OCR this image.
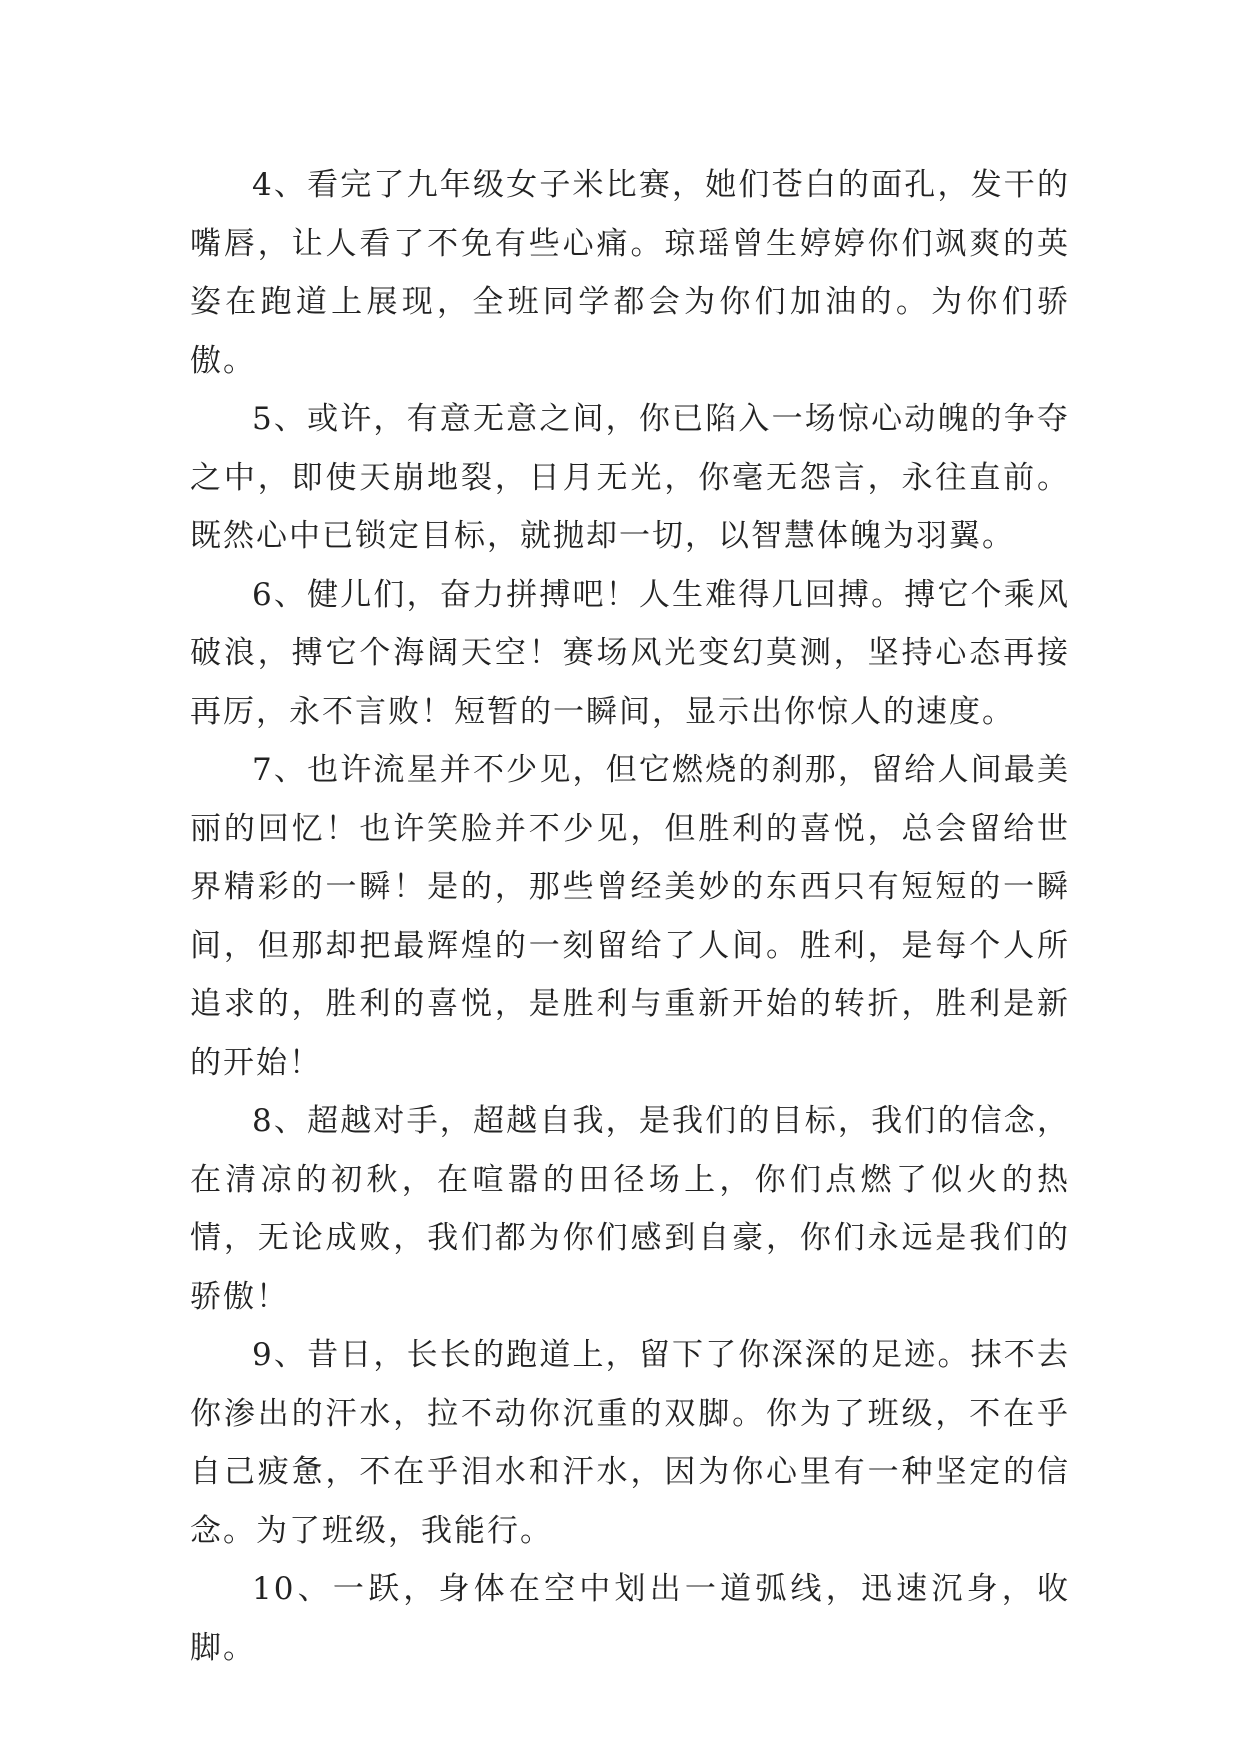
4、看完了九年级女子米比赛，她们苍白的面孔，发干的嘴唇，让人看了不免有些心痛。琼瑶曾生婷婷你们飒爽的英姿在跑道上展现，全班同学都会为你们加油的。为你们骄傲。

5、或许，有意无意之间，你已陷入一场惊心动魄的争夺之中，即使天崩地裂，日月无光，你毫无怨言，永往直前。既然心中已锁定目标，就抛却一切，以智慧体魄为羽翼。

6、健儿们，奋力拼搏吧！人生难得几回搏。搏它个乘风破浪，搏它个海阔天空！赛场风光变幻莫测，坚持心态再接再厉，永不言败！短暂的一瞬间，显示出你惊人的速度。

7、也许流星并不少见，但它燃烧的刹那，留给人间最美丽的回忆！也许笑脸并不少见，但胜利的喜悦，总会留给世界精彩的一瞬！是的，那些曾经美妙的东西只有短短的一瞬间，但那却把最辉煌的一刻留给了人间。胜利，是每个人所追求的，胜利的喜悦，是胜利与重新开始的转折，胜利是新的开始！

8、超越对手，超越自我，是我们的目标，我们的信念，在清凉的初秋，在喧嚣的田径场上，你们点燃了似火的热情，无论成败，我们都为你们感到自豪，你们永远是我们的骄傲！

9、昔日，长长的跑道上，留下了你深深的足迹。抹不去你渗出的汗水，拉不动你沉重的双脚。你为了班级，不在乎自己疲惫，不在乎泪水和汗水，因为你心里有一种坚定的信念。为了班级，我能行。

10、一跃，身体在空中划出一道弧线，迅速沉身，收脚。
